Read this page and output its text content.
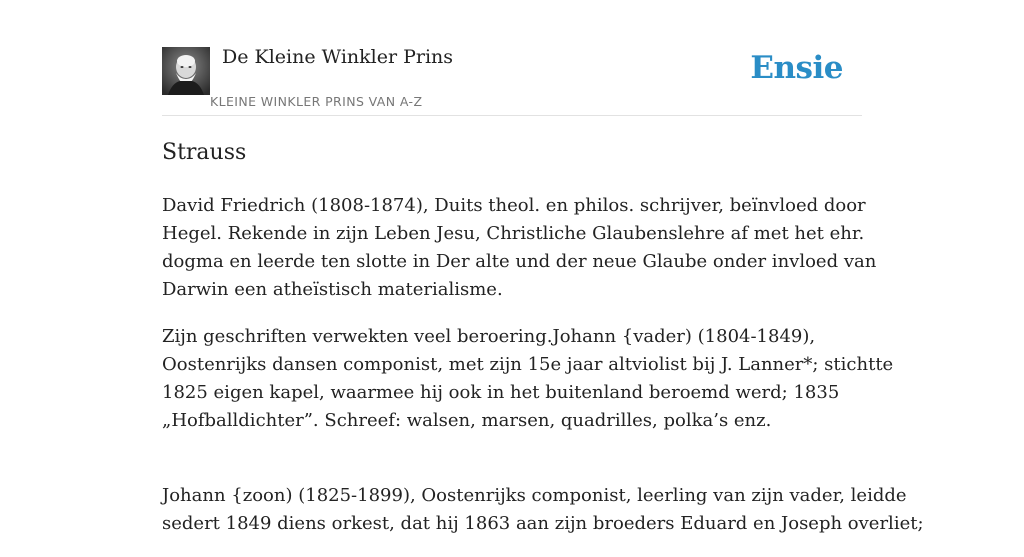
De Kleine Winkler Prins
KLEINE WINKLER PRINS VAN A-Z
Ensie
Strauss

David Friedrich (1808-1874), Duits theol. en philos. schrijver, beïnvloed door
Hegel. Rekende in zijn Leben Jesu, Christliche Glaubenslehre af met het ehr.
dogma en leerde ten slotte in Der alte und der neue Glaube onder invloed van
Darwin een atheïstisch materialisme.

Zijn geschriften verwekten veel beroering.Johann {vader) (1804-1849),
Oostenrijks dansen componist, met zijn 15e jaar altviolist bij J. Lanner*; stichtte
1825 eigen kapel, waarmee hij ook in het buitenland beroemd werd; 1835
„Hofballdichter”. Schreef: walsen, marsen, quadrilles, polka’s enz.

Johann {zoon) (1825-1899), Oostenrijks componist, leerling van zijn vader, leidde
sedert 1849 diens orkest, dat hij 1863 aan zijn broeders Eduard en Joseph overliet;
